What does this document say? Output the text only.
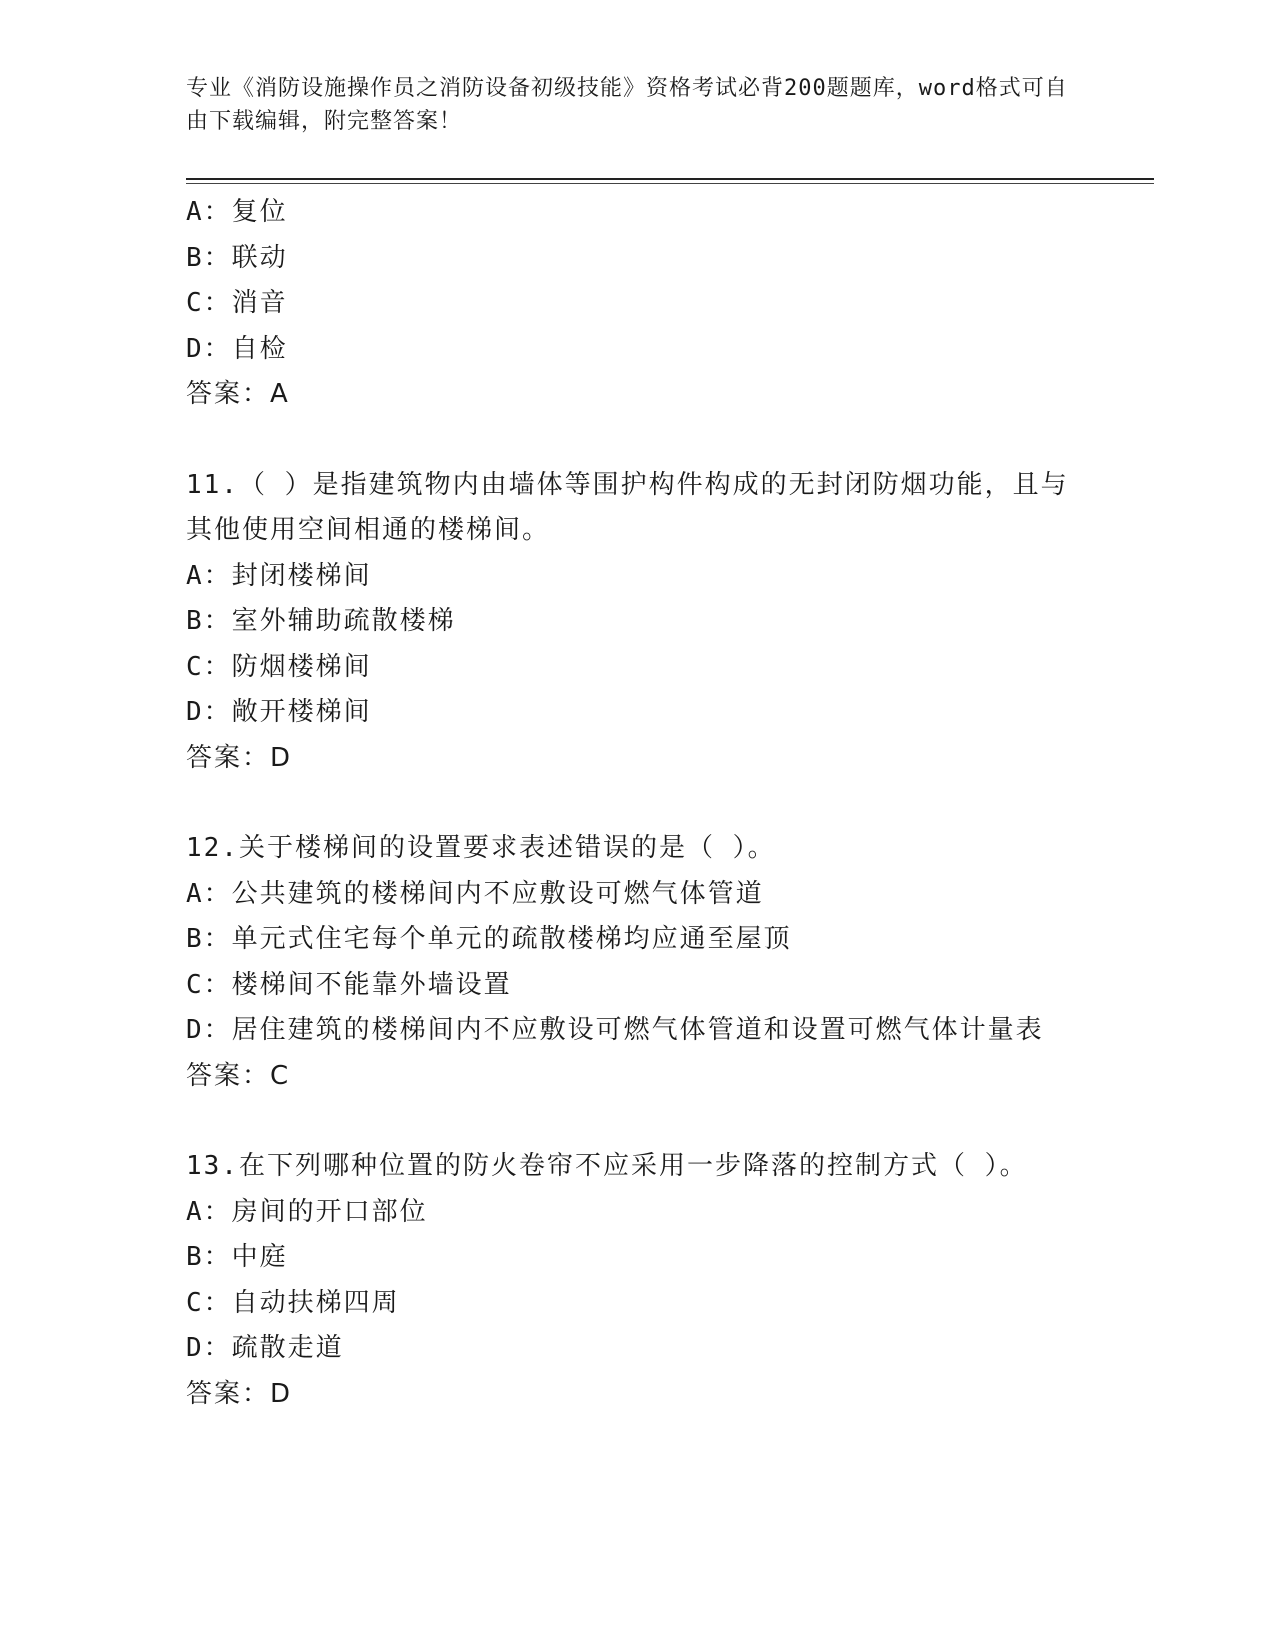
专业《消防设施操作员之消防设备初级技能》资格考试必背200题题库，word格式可自由下载编辑，附完整答案！
A：复位
B：联动
C：消音
D：自检
答案：A
11.（ ）是指建筑物内由墙体等围护构件构成的无封闭防烟功能，且与其他使用空间相通的楼梯间。
A：封闭楼梯间
B：室外辅助疏散楼梯
C：防烟楼梯间
D：敞开楼梯间
答案：D
12.关于楼梯间的设置要求表述错误的是（ ）。
A：公共建筑的楼梯间内不应敷设可燃气体管道
B：单元式住宅每个单元的疏散楼梯均应通至屋顶
C：楼梯间不能靠外墙设置
D：居住建筑的楼梯间内不应敷设可燃气体管道和设置可燃气体计量表
答案：C
13.在下列哪种位置的防火卷帘不应采用一步降落的控制方式（ ）。
A：房间的开口部位
B：中庭
C：自动扶梯四周
D：疏散走道
答案：D
